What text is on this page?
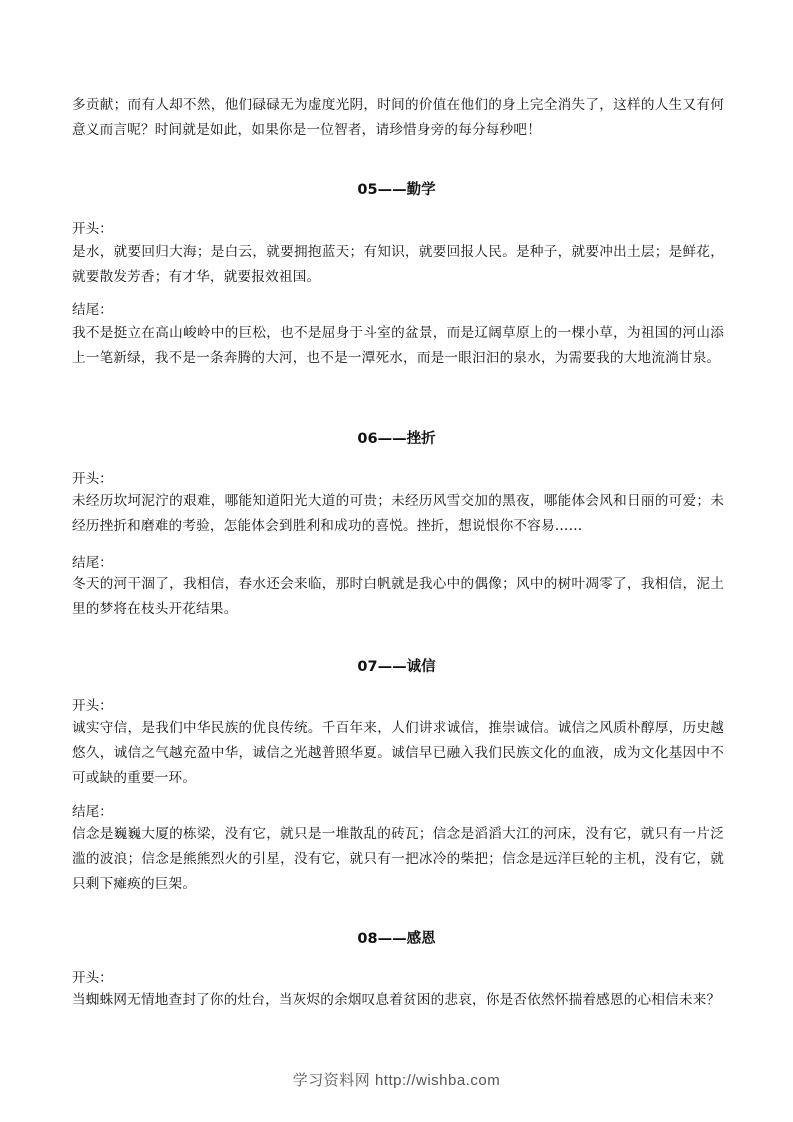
多贡献；而有人却不然，他们碌碌无为虚度光阴，时间的价值在他们的身上完全消失了，这样的人生又有何意义而言呢？时间就是如此，如果你是一位智者，请珍惜身旁的每分每秒吧！

05——勤学

开头：

是水，就要回归大海；是白云，就要拥抱蓝天；有知识，就要回报人民。是种子，就要冲出土层；是鲜花，就要散发芳香；有才华，就要报效祖国。

结尾：

我不是挺立在高山峻岭中的巨松，也不是屈身于斗室的盆景，而是辽阔草原上的一棵小草，为祖国的河山添上一笔新绿，我不是一条奔腾的大河，也不是一潭死水，而是一眼汩汩的泉水，为需要我的大地流淌甘泉。

06——挫折

开头：

未经历坎坷泥泞的艰难，哪能知道阳光大道的可贵；未经历风雪交加的黑夜，哪能体会风和日丽的可爱；未经历挫折和磨难的考验，怎能体会到胜利和成功的喜悦。挫折，想说恨你不容易……

结尾：

冬天的河干涸了，我相信，春水还会来临，那时白帆就是我心中的偶像；风中的树叶凋零了，我相信，泥土里的梦将在枝头开花结果。

07——诚信

开头：

诚实守信，是我们中华民族的优良传统。千百年来，人们讲求诚信，推崇诚信。诚信之风质朴醇厚，历史越悠久，诚信之气越充盈中华，诚信之光越普照华夏。诚信早已融入我们民族文化的血液，成为文化基因中不可或缺的重要一环。

结尾：

信念是巍巍大厦的栋梁，没有它，就只是一堆散乱的砖瓦；信念是滔滔大江的河床，没有它，就只有一片泛滥的波浪；信念是熊熊烈火的引星，没有它，就只有一把冰冷的柴把；信念是远洋巨轮的主机，没有它，就只剩下瘫痪的巨架。

08——感恩

开头：

当蜘蛛网无情地查封了你的灶台，当灰烬的余烟叹息着贫困的悲哀，你是否依然怀揣着感恩的心相信未来？

学习资料网 http://wishba.com
